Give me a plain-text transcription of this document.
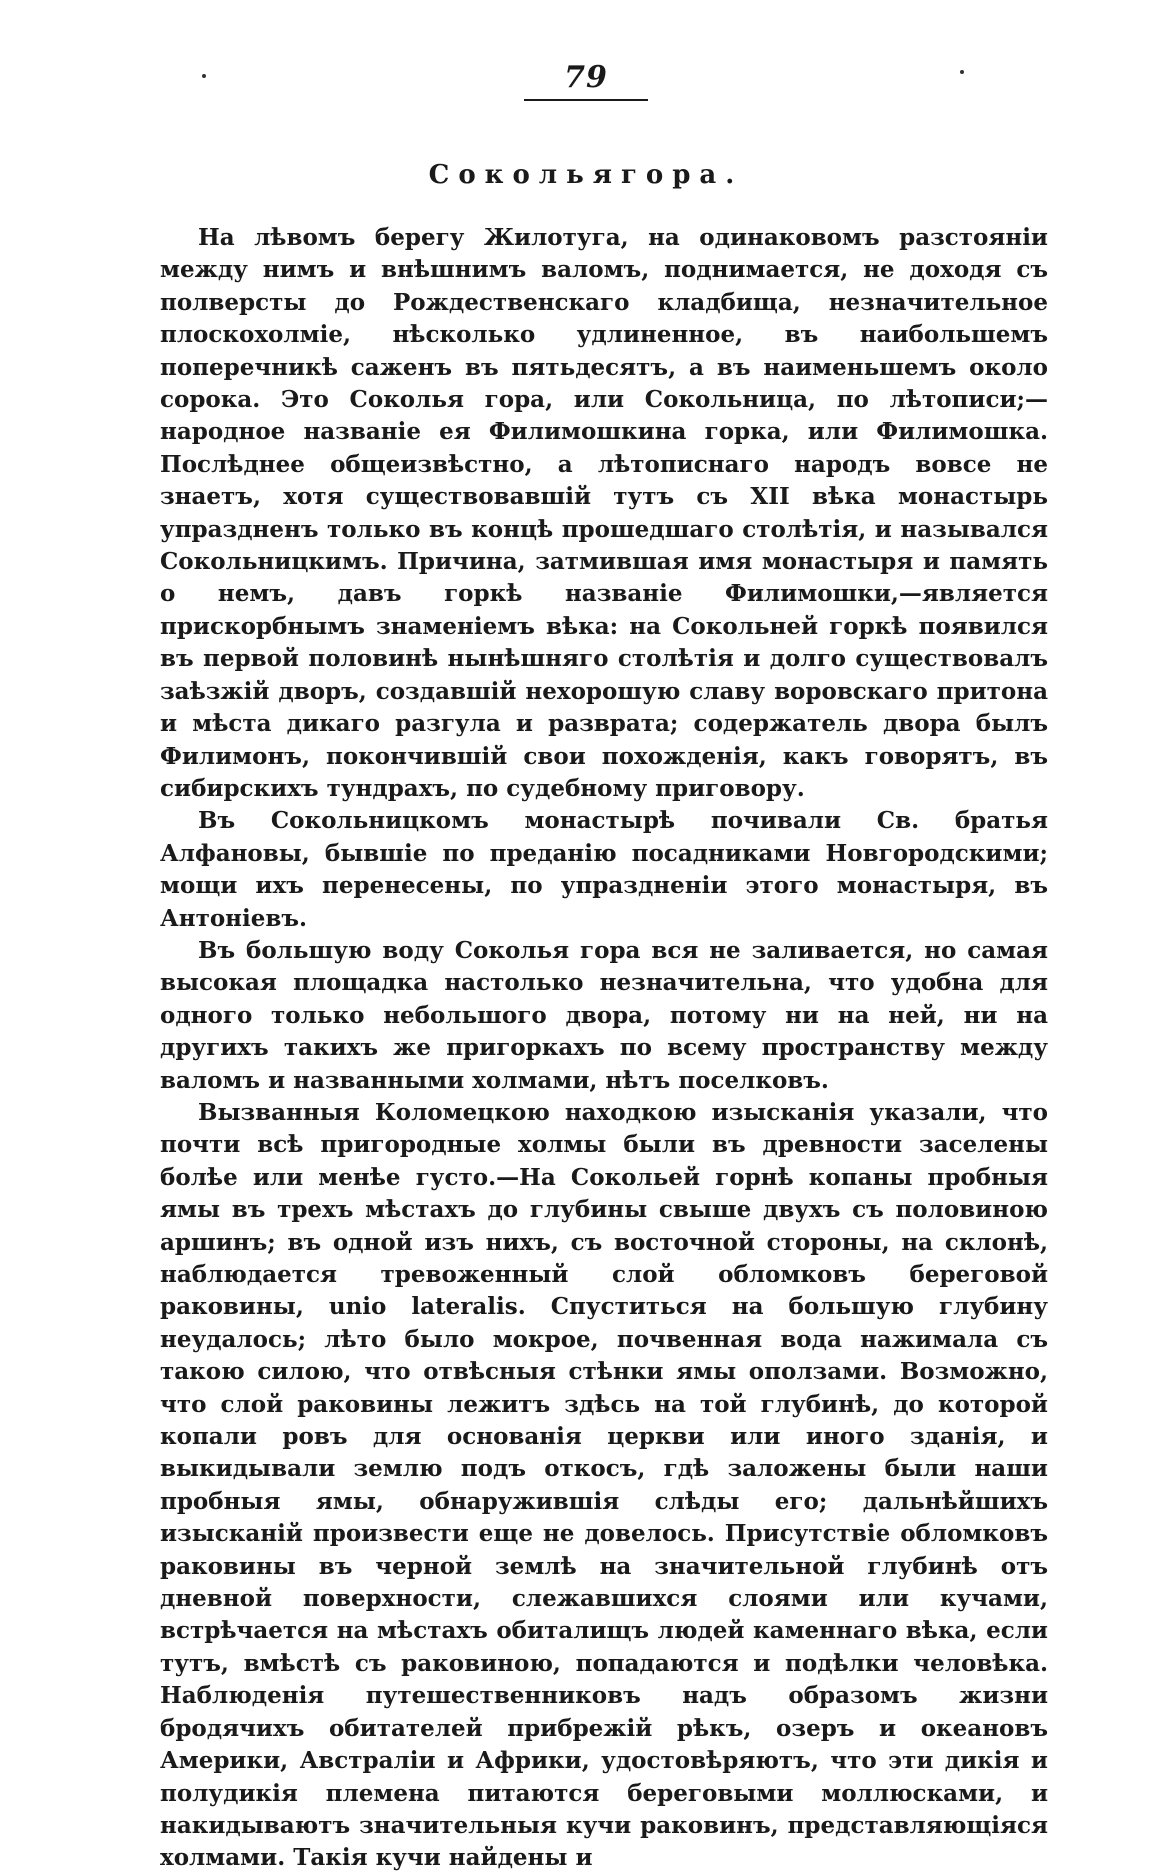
79
Сокольягора.

На лѣвомъ берегу Жилотуга, на одинаковомъ разстояніи между нимъ и внѣшнимъ валомъ, поднимается, не доходя съ полверсты до Рождественскаго кладбища, незначительное плоскохолміе, нѣсколько удлиненное, въ наибольшемъ поперечникѣ саженъ въ пятьдесятъ, а въ наименьшемъ около сорока. Это Соколья гора, или Сокольница, по лѣтописи;—народное названіе ея Филимошкина горка, или Филимошка. Послѣднее общеизвѣстно, а лѣтописнаго народъ вовсе не знаетъ, хотя существовавшій тутъ съ XII вѣка монастырь упраздненъ только въ концѣ прошедшаго столѣтія, и назывался Сокольницкимъ. Причина, затмившая имя монастыря и память о немъ, давъ горкѣ названіе Филимошки,—является прискорбнымъ знаменіемъ вѣка: на Сокольней горкѣ появился въ первой половинѣ нынѣшняго столѣтія и долго существовалъ заѣзжій дворъ, создавшій нехорошую славу воровскаго притона и мѣста дикаго разгула и разврата; содержатель двора былъ Филимонъ, покончившій свои похожденія, какъ говорятъ, въ сибирскихъ тундрахъ, по судебному приговору.

Въ Сокольницкомъ монастырѣ почивали Св. братья Алфановы, бывшіе по преданію посадниками Новгородскими; мощи ихъ перенесены, по упраздненіи этого монастыря, въ Антоніевъ.

Въ большую воду Соколья гора вся не заливается, но самая высокая площадка настолько незначительна, что удобна для одного только небольшого двора, потому ни на ней, ни на другихъ такихъ же пригоркахъ по всему пространству между валомъ и названными холмами, нѣтъ поселковъ.

Вызванныя Коломецкою находкою изысканія указали, что почти всѣ пригородные холмы были въ древности заселены болѣе или менѣе густо.—На Сокольей горнѣ копаны пробныя ямы въ трехъ мѣстахъ до глубины свыше двухъ съ половиною аршинъ; въ одной изъ нихъ, съ восточной стороны, на склонѣ, наблюдается тревоженный слой обломковъ береговой раковины, unio lateralis. Спуститься на большую глубину неудалось; лѣто было мокрое, почвенная вода нажимала съ такою силою, что отвѣсныя стѣнки ямы оползами. Возможно, что слой раковины лежитъ здѣсь на той глубинѣ, до которой копали ровъ для основанія церкви или иного зданія, и выкидывали землю подъ откосъ, гдѣ заложены были наши пробныя ямы, обнаружившія слѣды его; дальнѣйшихъ изысканій произвести еще не довелось. Присутствіе обломковъ раковины въ черной землѣ на значительной глубинѣ отъ дневной поверхности, слежавшихся слоями или кучами, встрѣчается на мѣстахъ обиталищъ людей каменнаго вѣка, если тутъ, вмѣстѣ съ раковиною, попадаются и подѣлки человѣка. Наблюденія путешественниковъ надъ образомъ жизни бродячихъ обитателей прибрежій рѣкъ, озеръ и океановъ Америки, Австраліи и Африки, удостовѣряютъ, что эти дикія и полудикія племена питаются береговыми моллюсками, и накидываютъ значительныя кучи раковинъ, представляющіяся холмами. Такія кучи найдены и
